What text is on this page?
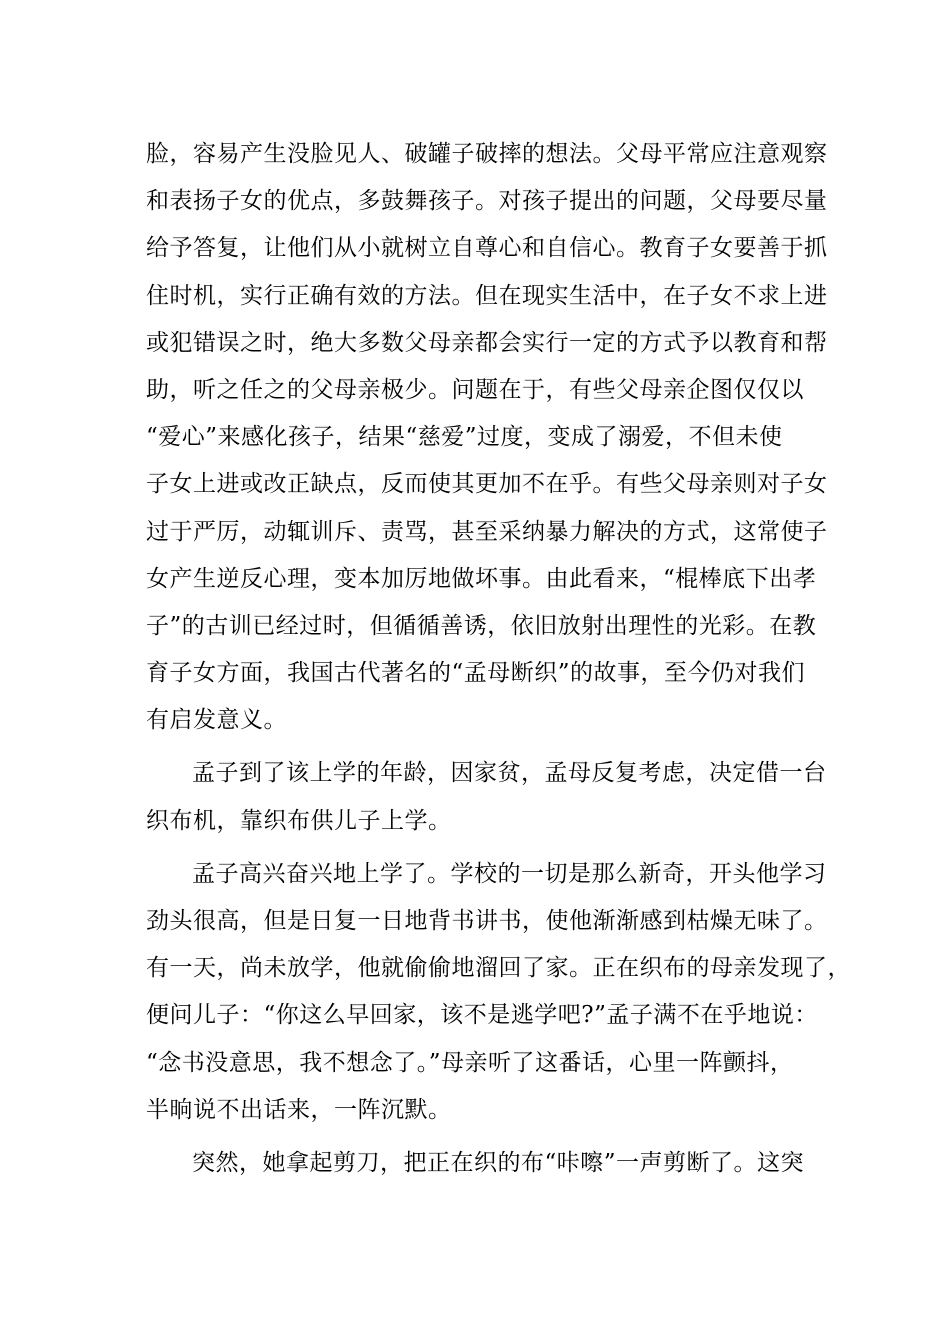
脸，容易产生没脸见人、破罐子破摔的想法。父母平常应注意观察
和表扬子女的优点，多鼓舞孩子。对孩子提出的问题，父母要尽量
给予答复，让他们从小就树立自尊心和自信心。教育子女要善于抓
住时机，实行正确有效的方法。但在现实生活中，在子女不求上进
或犯错误之时，绝大多数父母亲都会实行一定的方式予以教育和帮
助，听之任之的父母亲极少。问题在于，有些父母亲企图仅仅以
“爱心”来感化孩子，结果“慈爱”过度，变成了溺爱，不但未使
子女上进或改正缺点，反而使其更加不在乎。有些父母亲则对子女
过于严厉，动辄训斥、责骂，甚至采纳暴力解决的方式，这常使子
女产生逆反心理，变本加厉地做坏事。由此看来，“棍棒底下出孝
子”的古训已经过时，但循循善诱，依旧放射出理性的光彩。在教
育子女方面，我国古代著名的“孟母断织”的故事，至今仍对我们
有启发意义。
孟子到了该上学的年龄，因家贫，孟母反复考虑，决定借一台
织布机，靠织布供儿子上学。
孟子高兴奋兴地上学了。学校的一切是那么新奇，开头他学习
劲头很高，但是日复一日地背书讲书，使他渐渐感到枯燥无味了。
有一天，尚未放学，他就偷偷地溜回了家。正在织布的母亲发现了，
便问儿子：“你这么早回家，该不是逃学吧?”孟子满不在乎地说：
“念书没意思，我不想念了。”母亲听了这番话，心里一阵颤抖，
半晌说不出话来，一阵沉默。
突然，她拿起剪刀，把正在织的布“咔嚓”一声剪断了。这突
